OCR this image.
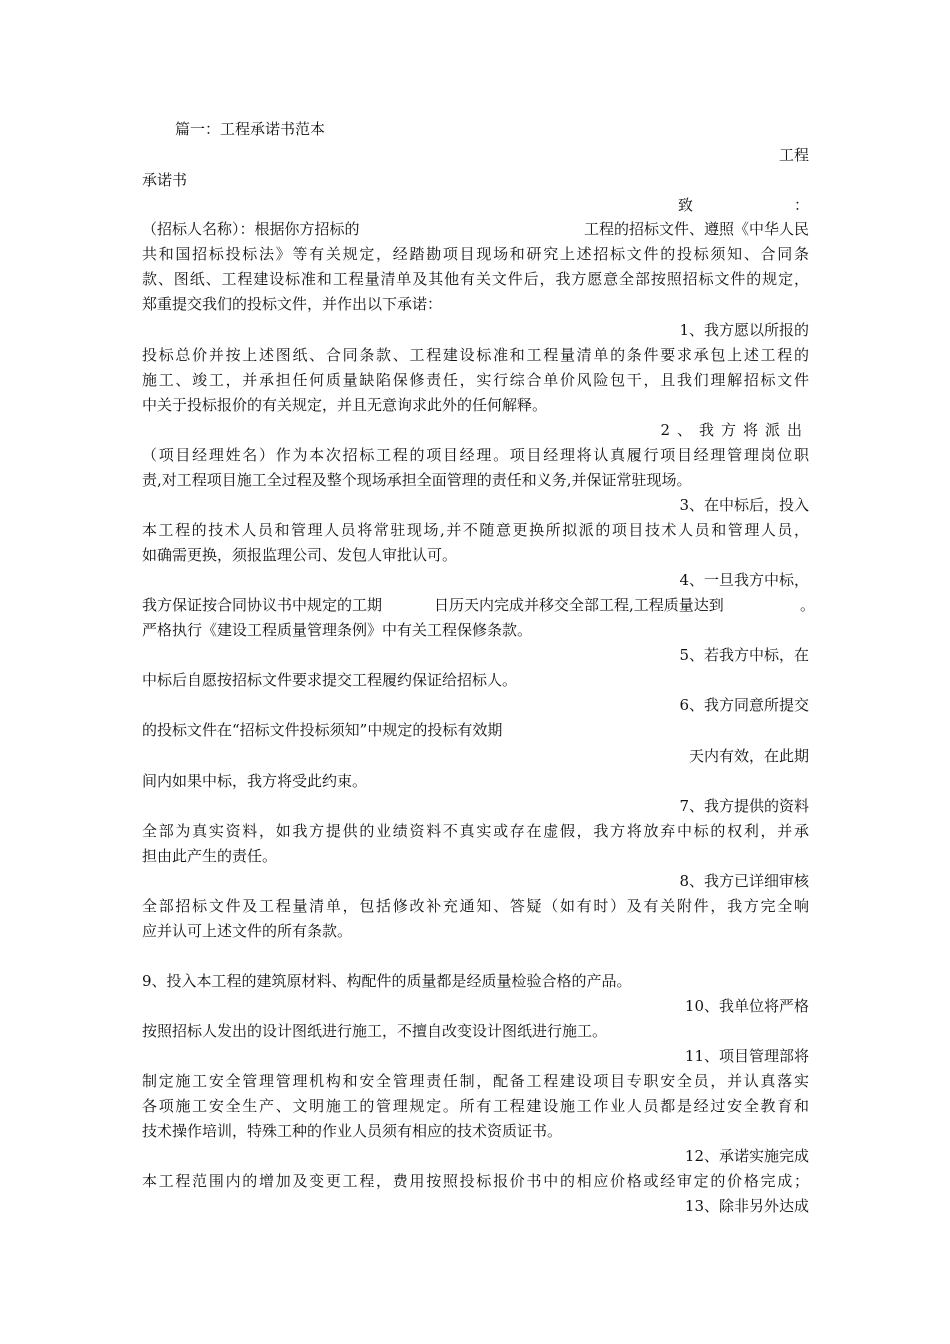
篇一：工程承诺书范本
工程
承诺书
致	：
（招标人名称）：根据你方招标的	工程的招标文件、遵照《中华人民
共和国招标投标法》等有关规定，经踏勘项目现场和研究上述招标文件的投标须知、合同条
款、图纸、工程建设标准和工程量清单及其他有关文件后，我方愿意全部按照招标文件的规定，
郑重提交我们的投标文件，并作出以下承诺：
1、我方愿以所报的
投标总价并按上述图纸、合同条款、工程建设标准和工程量清单的条件要求承包上述工程的
施工、竣工，并承担任何质量缺陷保修责任，实行综合单价风险包干，且我们理解招标文件
中关于投标报价的有关规定，并且无意询求此外的任何解释。
2、我方将派出
（项目经理姓名）作为本次招标工程的项目经理。项目经理将认真履行项目经理管理岗位职
责,对工程项目施工全过程及整个现场承担全面管理的责任和义务,并保证常驻现场。
3、在中标后，投入
本工程的技术人员和管理人员将常驻现场,并不随意更换所拟派的项目技术人员和管理人员，
如确需更换，须报监理公司、发包人审批认可。
4、一旦我方中标，
我方保证按合同协议书中规定的工期	日历天内完成并移交全部工程,工程质量达到	。
严格执行《建设工程质量管理条例》中有关工程保修条款。
5、若我方中标，在
中标后自愿按招标文件要求提交工程履约保证给招标人。
6、我方同意所提交
的投标文件在“招标文件投标须知”中规定的投标有效期
天内有效，在此期
间内如果中标，我方将受此约束。
7、我方提供的资料
全部为真实资料，如我方提供的业绩资料不真实或存在虚假，我方将放弃中标的权利，并承
担由此产生的责任。
8、我方已详细审核
全部招标文件及工程量清单，包括修改补充通知、答疑（如有时）及有关附件，我方完全响
应并认可上述文件的所有条款。
9、投入本工程的建筑原材料、构配件的质量都是经质量检验合格的产品。
10、我单位将严格
按照招标人发出的设计图纸进行施工，不擅自改变设计图纸进行施工。
11、项目管理部将
制定施工安全管理管理机构和安全管理责任制，配备工程建设项目专职安全员，并认真落实
各项施工安全生产、文明施工的管理规定。所有工程建设施工作业人员都是经过安全教育和
技术操作培训，特殊工种的作业人员须有相应的技术资质证书。
12、承诺实施完成
本工程范围内的增加及变更工程，费用按照投标报价书中的相应价格或经审定的价格完成；
13、除非另外达成
